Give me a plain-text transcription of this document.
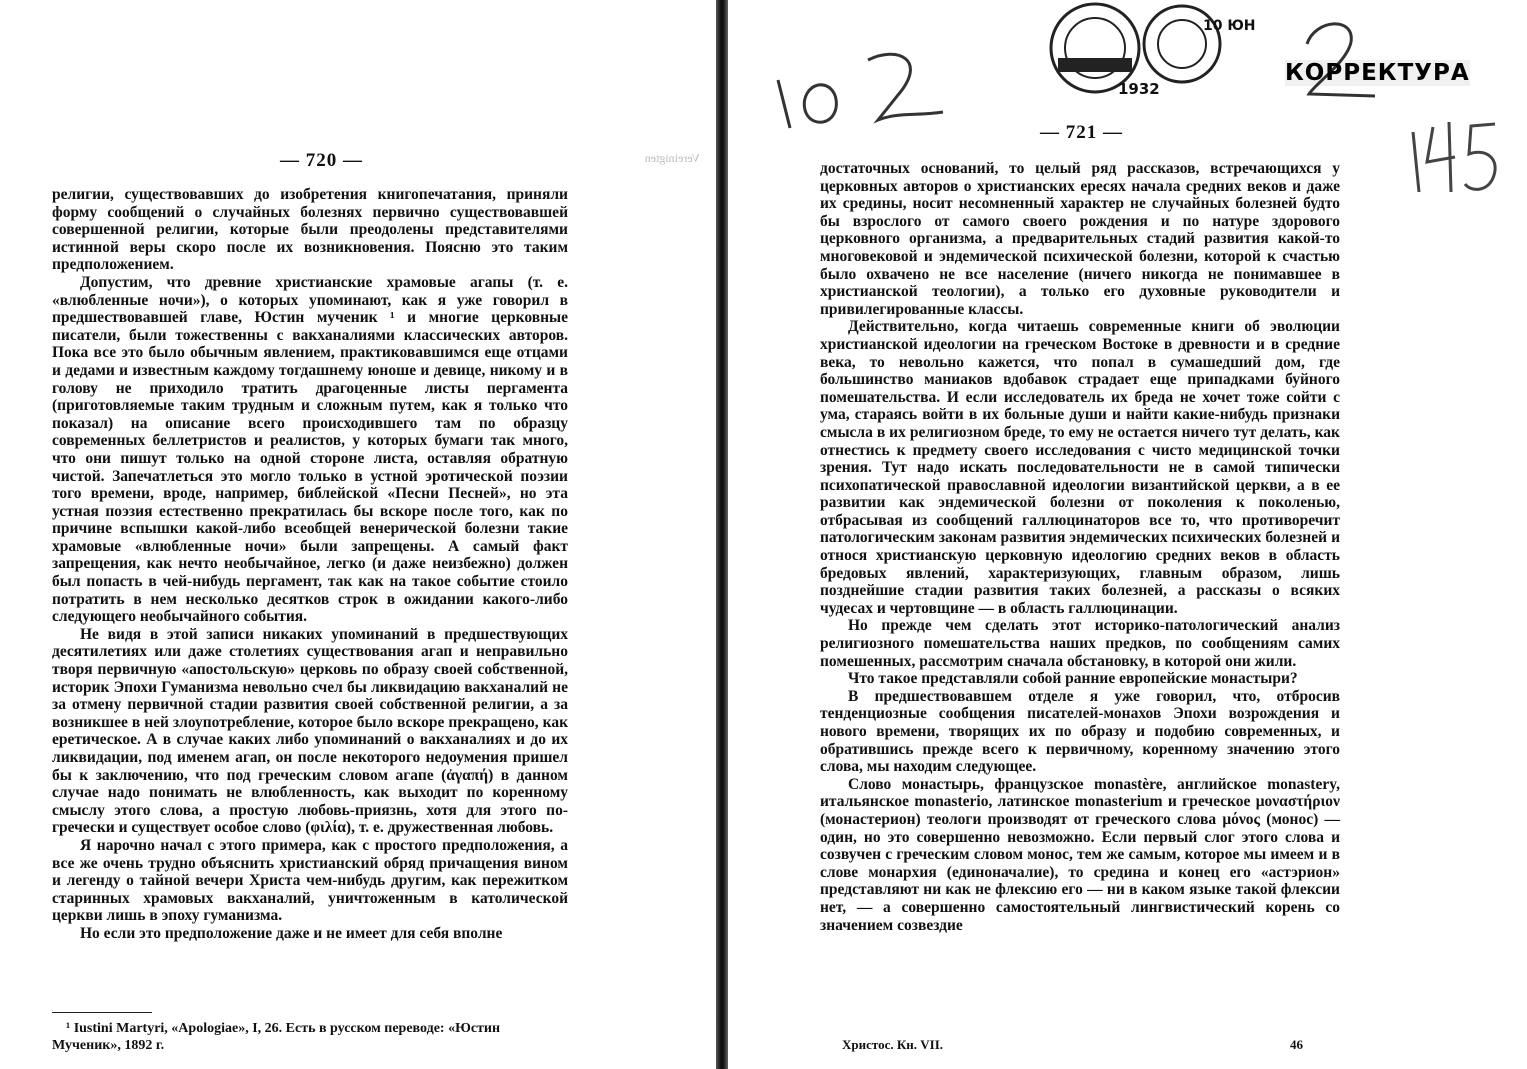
Vereinigten
— 720 —

религии, существовавших до изобретения книгопечатания, приняли форму сообщений о случайных болезнях первично существовавшей совершенной религии, которые были преодолены представителями истинной веры скоро после их возникновения. Поясню это таким предположением.

Допустим, что древние христианские храмовые агапы (т. е. «влюбленные ночи»), о которых упоминают, как я уже говорил в предшествовавшей главе, Юстин мученик ¹ и многие церковные писатели, были тожественны с вакханалиями классических авторов. Пока все это было обычным явлением, практиковавшимся еще отцами и дедами и известным каждому тогдашнему юноше и девице, никому и в голову не приходило тратить драгоценные листы пергамента (приготовляемые таким трудным и сложным путем, как я только что показал) на описание всего происходившего там по образцу современных беллетристов и реалистов, у которых бумаги так много, что они пишут только на одной стороне листа, оставляя обратную чистой. Запечатлеться это могло только в устной эротической поэзии того времени, вроде, например, библейской «Песни Песней», но эта устная поэзия естественно прекратилась бы вскоре после того, как по причине вспышки какой-либо всеобщей венерической болезни такие храмовые «влюбленные ночи» были запрещены. А самый факт запрещения, как нечто необычайное, легко (и даже неизбежно) должен был попасть в чей-нибудь пергамент, так как на такое событие стоило потратить в нем несколько десятков строк в ожидании какого-либо следующего необычайного события.

Не видя в этой записи никаких упоминаний в предшествующих десятилетиях или даже столетиях существования агап и неправильно творя первичную «апостольскую» церковь по образу своей собственной, историк Эпохи Гуманизма невольно счел бы ликвидацию вакханалий не за отмену первичной стадии развития своей собственной религии, а за возникшее в ней злоупотребление, которое было вскоре прекращено, как еретическое. А в случае каких либо упоминаний о вакханалиях и до их ликвидации, под именем агап, он после некоторого недоумения пришел бы к заключению, что под греческим словом агапе (ἀγαπή) в данном случае надо понимать не влюбленность, как выходит по коренному смыслу этого слова, а простую любовь-приязнь, хотя для этого по-гречески и существует особое слово (φιλία), т. е. дружественная любовь.

Я нарочно начал с этого примера, как с простого предположения, а все же очень трудно объяснить христианский обряд причащения вином и легенду о тайной вечери Христа чем-нибудь другим, как пережитком старинных храмовых вакханалий, уничтоженным в католической церкви лишь в эпоху гуманизма.

Но если это предположение даже и не имеет для себя вполне

¹ Iustini Martyri, «Apologiae», I, 26. Есть в русском переводе: «Юстин Мученик», 1892 г.

— 721 —

достаточных оснований, то целый ряд рассказов, встречающихся у церковных авторов о христианских ересях начала средних веков и даже их средины, носит несомненный характер не случайных болезней будто бы взрослого от самого своего рождения и по натуре здорового церковного организма, а предварительных стадий развития какой-то многовековой и эндемической психической болезни, которой к счастью было охвачено не все население (ничего никогда не понимавшее в христианской теологии), а только его духовные руководители и привилегированные классы.

Действительно, когда читаешь современные книги об эволюции христианской идеологии на греческом Востоке в древности и в средние века, то невольно кажется, что попал в сумашедший дом, где большинство маниаков вдобавок страдает еще припадками буйного помешательства. И если исследователь их бреда не хочет тоже сойти с ума, стараясь войти в их больные души и найти какие-нибудь признаки смысла в их религиозном бреде, то ему не остается ничего тут делать, как отнестись к предмету своего исследования с чисто медицинской точки зрения. Тут надо искать последовательности не в самой типически психопатической православной идеологии византийской церкви, а в ее развитии как эндемической болезни от поколения к поколенью, отбрасывая из сообщений галлюцинаторов все то, что противоречит патологическим законам развития эндемических психических болезней и относя христианскую церковную идеологию средних веков в область бредовых явлений, характеризующих, главным образом, лишь позднейшие стадии развития таких болезней, а рассказы о всяких чудесах и чертовщине — в область галлюцинации.

Но прежде чем сделать этот историко-патологический анализ религиозного помешательства наших предков, по сообщениям самих помешенных, рассмотрим сначала обстановку, в которой они жили.

Что такое представляли собой ранние европейские монастыри?

В предшествовавшем отделе я уже говорил, что, отбросив тенденциозные сообщения писателей-монахов Эпохи возрождения и нового времени, творящих их по образу и подобию современных, и обратившись прежде всего к первичному, коренному значению этого слова, мы находим следующее.

Слово монастырь, французское monastère, английское monastery, итальянское monasterio, латинское monasterium и греческое μοναστήριον (монастерион) теологи производят от греческого слова μόνος (монос) — один, но это совершенно невозможно. Если первый слог этого слова и созвучен с греческим словом монос, тем же самым, которое мы имеем и в слове монархия (единоначалие), то средина и конец его «астэрион» представляют ни как не флексию его — ни в каком языке такой флексии нет, — а совершенно самостоятельный лингвистический корень со значением созвездие

Христос. Кн. VII.	46
10 ЮН
1932
КОРРЕКТУРА
